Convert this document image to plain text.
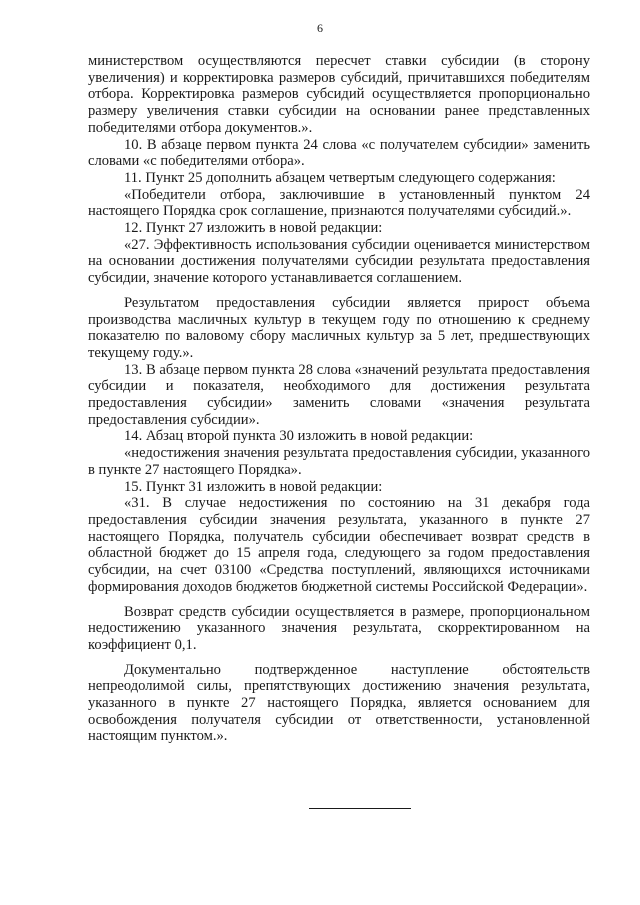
6

министерством осуществляются пересчет ставки субсидии (в сторону увеличения) и корректировка размеров субсидий, причитавшихся победителям отбора. Корректировка размеров субсидий осуществляется пропорционально размеру увеличения ставки субсидии на основании ранее представленных победителями отбора документов.».

10. В абзаце первом пункта 24 слова «с получателем субсидии» заменить словами «с победителями отбора».

11. Пункт 25 дополнить абзацем четвертым следующего содержания:

«Победители отбора, заключившие в установленный пунктом 24 настоящего Порядка срок соглашение, признаются получателями субсидий.».

12. Пункт 27 изложить в новой редакции:

«27. Эффективность использования субсидии оценивается министерством на основании достижения получателями субсидии результата предоставления субсидии, значение которого устанавливается соглашением.

Результатом предоставления субсидии является прирост объема производства масличных культур в текущем году по отношению к среднему показателю по валовому сбору масличных культур за 5 лет, предшествующих текущему году.».

13. В абзаце первом пункта 28 слова «значений результата предоставления субсидии и показателя, необходимого для достижения результата предоставления субсидии» заменить словами «значения результата предоставления субсидии».

14. Абзац второй пункта 30 изложить в новой редакции:

«недостижения значения результата предоставления субсидии, указанного в пункте 27 настоящего Порядка».

15. Пункт 31 изложить в новой редакции:

«31. В случае недостижения по состоянию на 31 декабря года предоставления субсидии значения результата, указанного в пункте 27 настоящего Порядка, получатель субсидии обеспечивает возврат средств в областной бюджет до 15 апреля года, следующего за годом предоставления субсидии, на счет 03100 «Средства поступлений, являющихся источниками формирования доходов бюджетов бюджетной системы Российской Федерации».

Возврат средств субсидии осуществляется в размере, пропорциональном недостижению указанного значения результата, скорректированном на коэффициент 0,1.

Документально подтвержденное наступление обстоятельств непреодолимой силы, препятствующих достижению значения результата, указанного в пункте 27 настоящего Порядка, является основанием для освобождения получателя субсидии от ответственности, установленной настоящим пунктом.».
